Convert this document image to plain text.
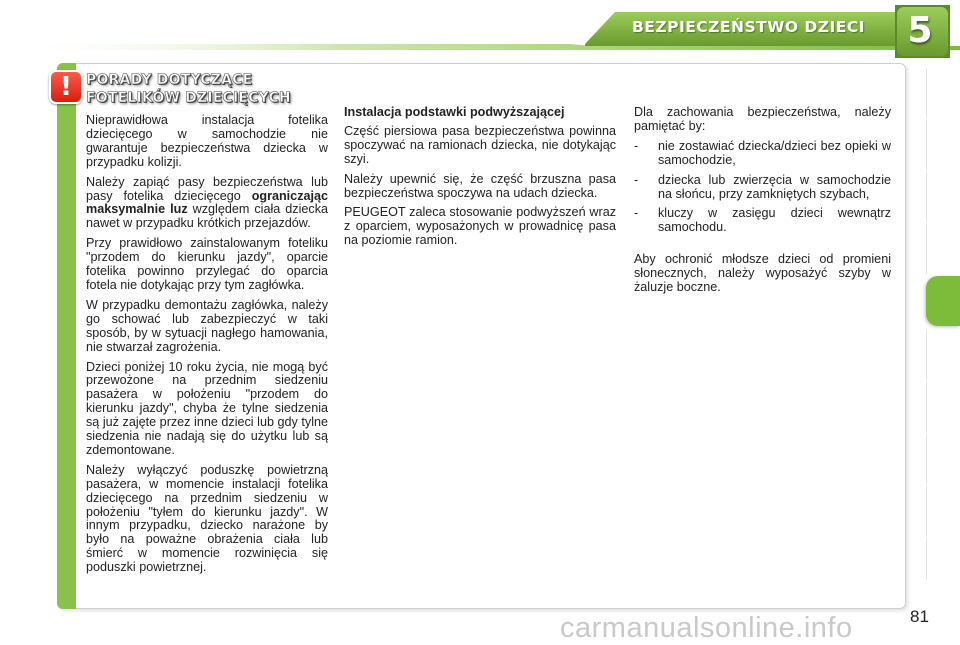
BEZPIECZEŃSTWO DZIECI 5
!	PORADY DOTYCZĄCE
FOTELIKÓW DZIECIĘCYCH

Nieprawidłowa instalacja fotelika dziecięcego w samochodzie nie gwarantuje bezpieczeństwa dziecka w przypadku kolizji.

Należy zapiąć pasy bezpieczeństwa lub pasy fotelika dziecięcego ograniczając maksymalnie luz względem ciała dziecka nawet w przypadku krótkich przejazdów.

Przy prawidłowo zainstalowanym foteliku "przodem do kierunku jazdy", oparcie fotelika powinno przylegać do oparcia fotela nie dotykając przy tym zagłówka.

W przypadku demontażu zagłówka, należy go schować lub zabezpieczyć w taki sposób, by w sytuacji nagłego hamowania, nie stwarzał zagrożenia.

Dzieci poniżej 10 roku życia, nie mogą być przewożone na przednim siedzeniu pasażera w położeniu "przodem do kierunku jazdy", chyba że tylne siedzenia są już zajęte przez inne dzieci lub gdy tylne siedzenia nie nadają się do użytku lub są zdemontowane.

Należy wyłączyć poduszkę powietrzną pasażera, w momencie instalacji fotelika dziecięcego na przednim siedzeniu w położeniu "tyłem do kierunku jazdy". W innym przypadku, dziecko narażone by było na poważne obrażenia ciała lub śmierć w momencie rozwinięcia się poduszki powietrznej.

Instalacja podstawki podwyższającej

Część piersiowa pasa bezpieczeństwa powinna spoczywać na ramionach dziecka, nie dotykając szyi.

Należy upewnić się, że część brzuszna pasa bezpieczeństwa spoczywa na udach dziecka.

PEUGEOT zaleca stosowanie podwyższeń wraz z oparciem, wyposażonych w prowadnicę pasa na poziomie ramion.

Dla zachowania bezpieczeństwa, należy pamiętać by:

- nie zostawiać dziecka/dzieci bez opieki w samochodzie,
- dziecka lub zwierzęcia w samochodzie na słońcu, przy zamkniętych szybach,
- kluczy w zasięgu dzieci wewnątrz samochodu.

Aby ochronić młodsze dzieci od promieni słonecznych, należy wyposażyć szyby w żaluzje boczne.

81
carmanualsonline.info
